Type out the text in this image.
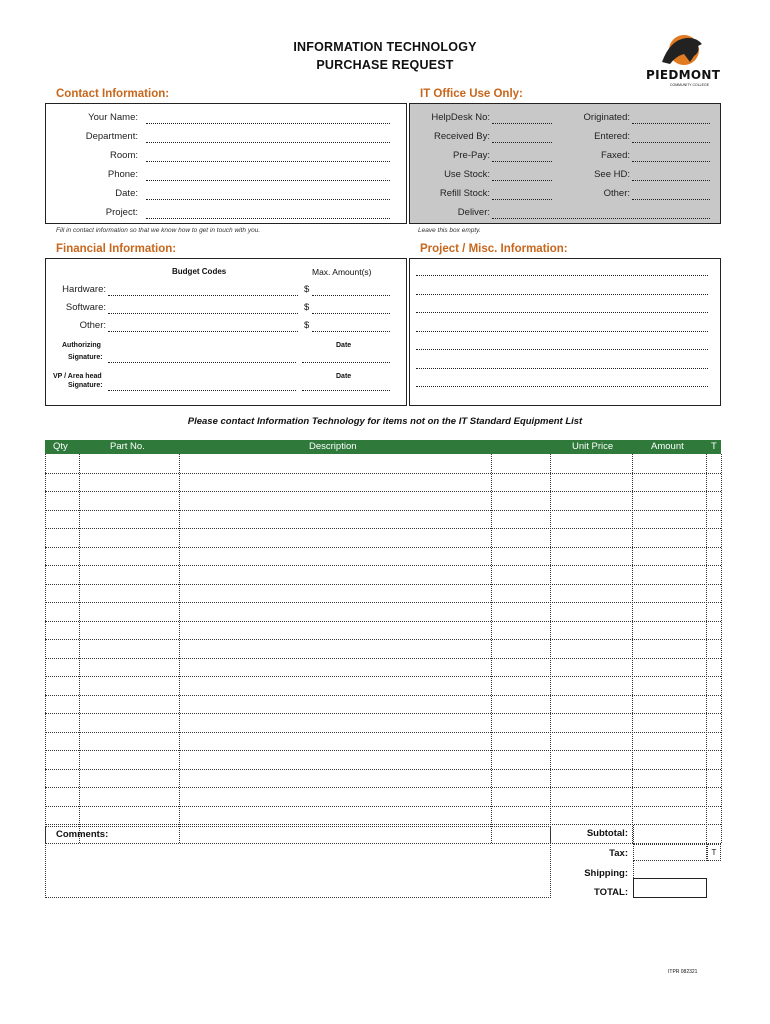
INFORMATION TECHNOLOGY
PURCHASE REQUEST
PIEDMONT
COMMUNITY COLLEGE
Contact Information:
Your Name:
Department:
Room:
Phone:
Date:
Project:
Fill in contact information so that we know how to get in touch with you.
IT Office Use Only:
HelpDesk No:
Received By:
Pre-Pay:
Use Stock:
Refill Stock:
Deliver:
Originated:
Entered:
Faxed:
See HD:
Other:
Leave this box empty.
Financial Information:
Budget Codes	Max. Amount(s)
Hardware:	$
Software:	$
Other:	$
Authorizing
Signature:
Date
VP / Area head
Signature:
Date
Project / Misc. Information:
Please contact Information Technology for items not on the IT Standard Equipment List
Qty	Part No.	Description	Unit Price	Amount	T
Comments:	Subtotal:
Tax:	T
Shipping:
TOTAL:
ITPR 082321
